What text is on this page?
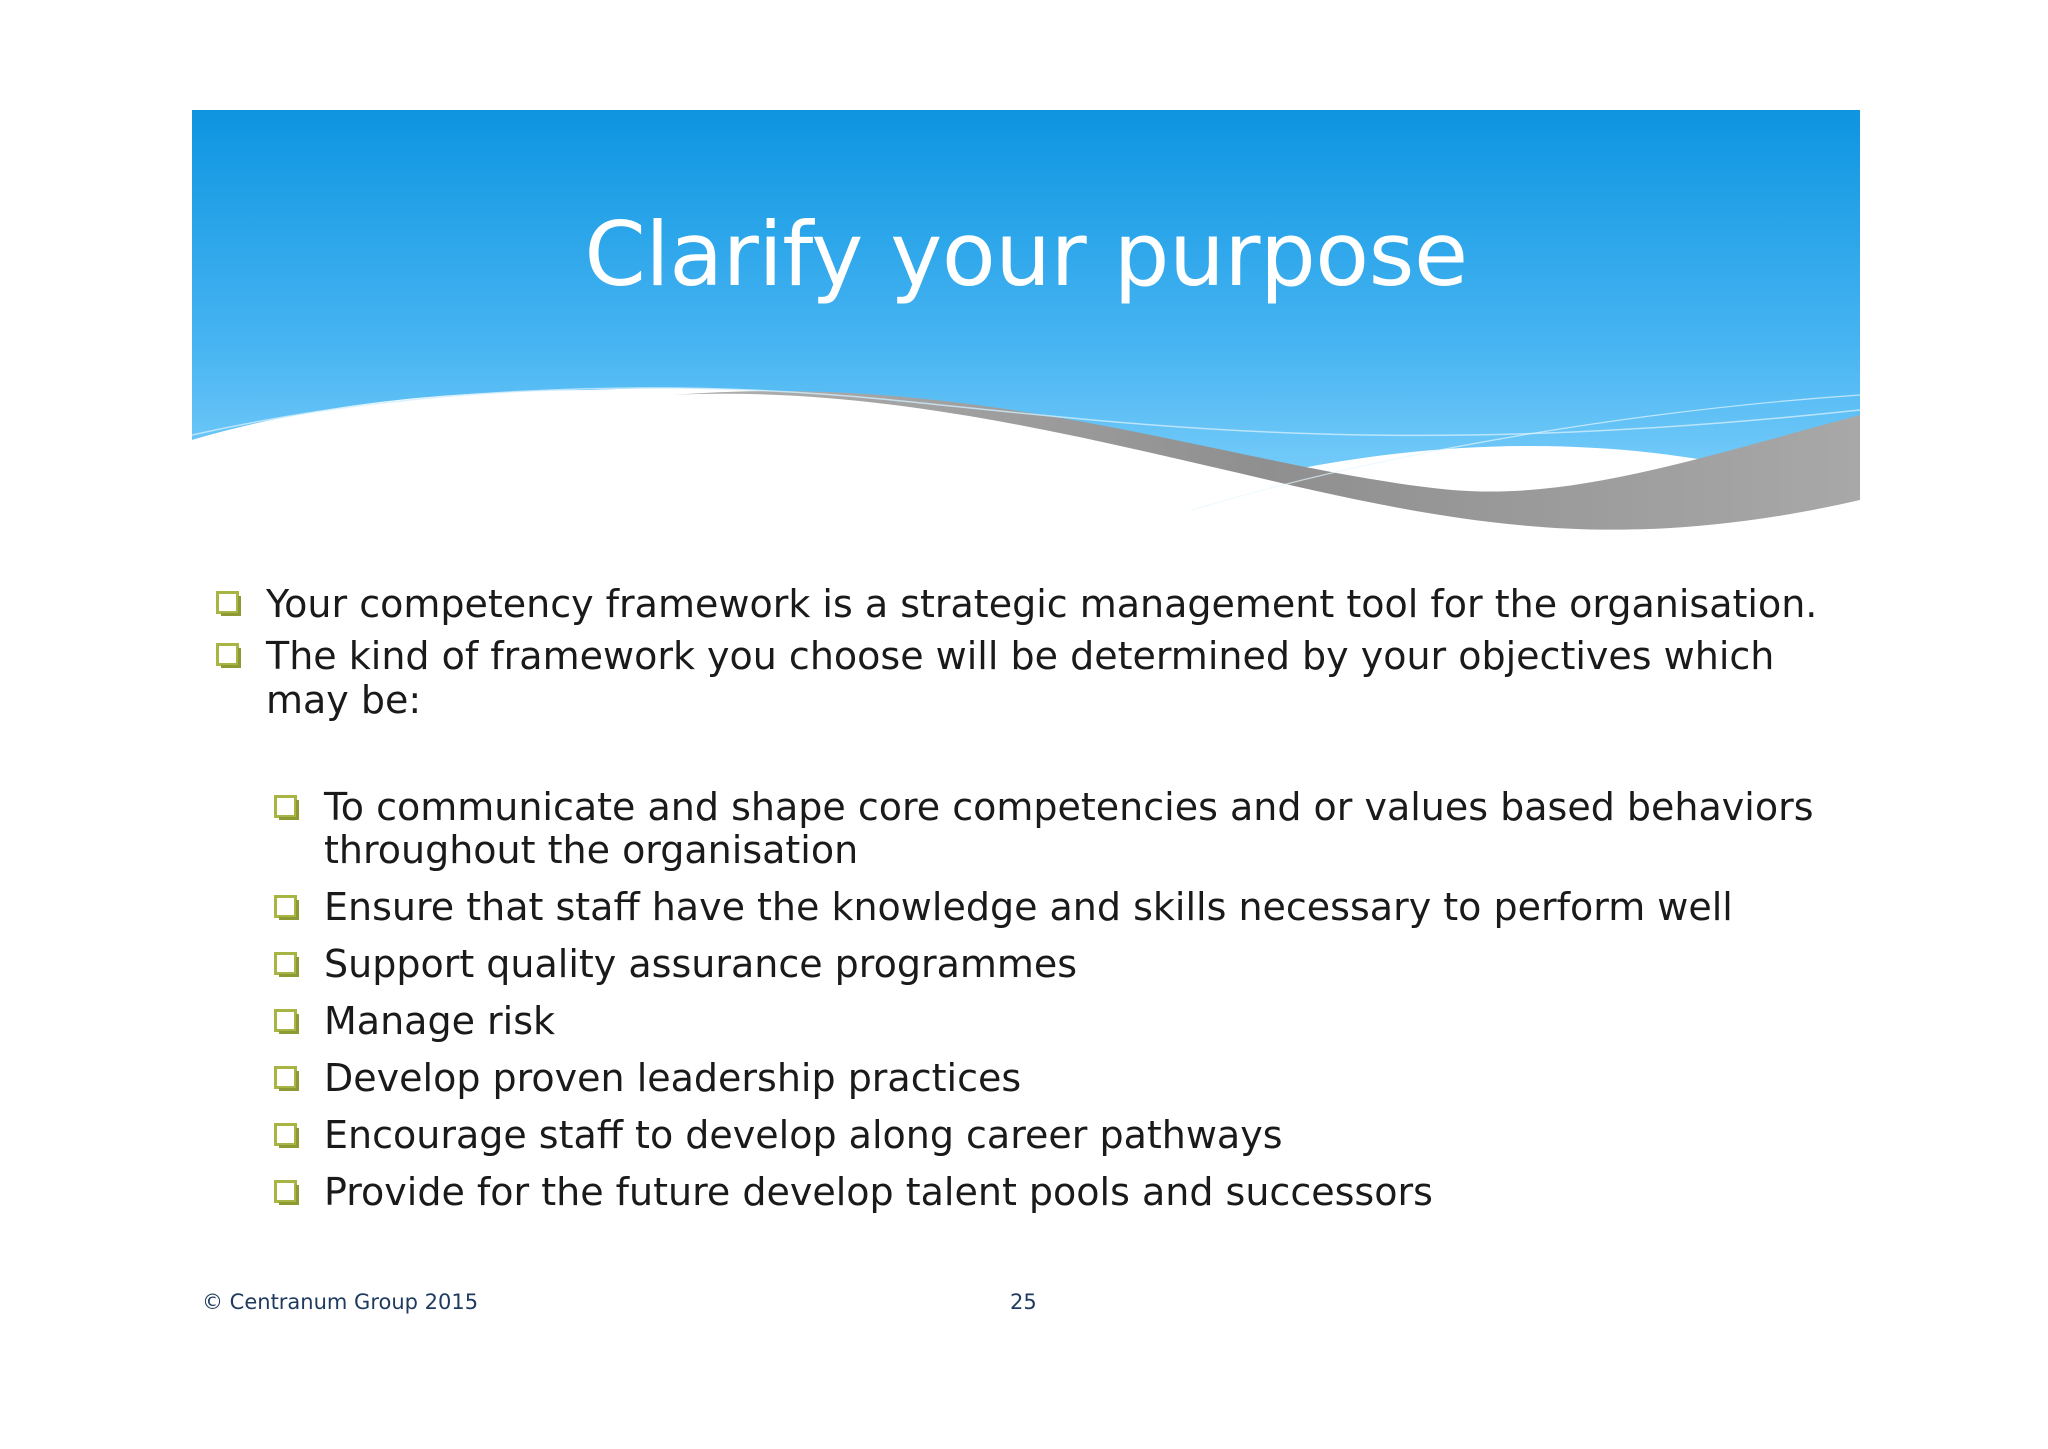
Clarify your purpose
Your competency framework is a strategic management tool for the organisation.
The kind of framework you choose will be determined by your objectives which may be:
To communicate and shape core competencies and or values based behaviors throughout the organisation
Ensure that staff have the knowledge and skills necessary to perform well
Support quality assurance programmes
Manage risk
Develop proven leadership practices
Encourage staff to develop along career pathways
Provide for the future develop talent pools and successors
© Centranum Group 2015	25
